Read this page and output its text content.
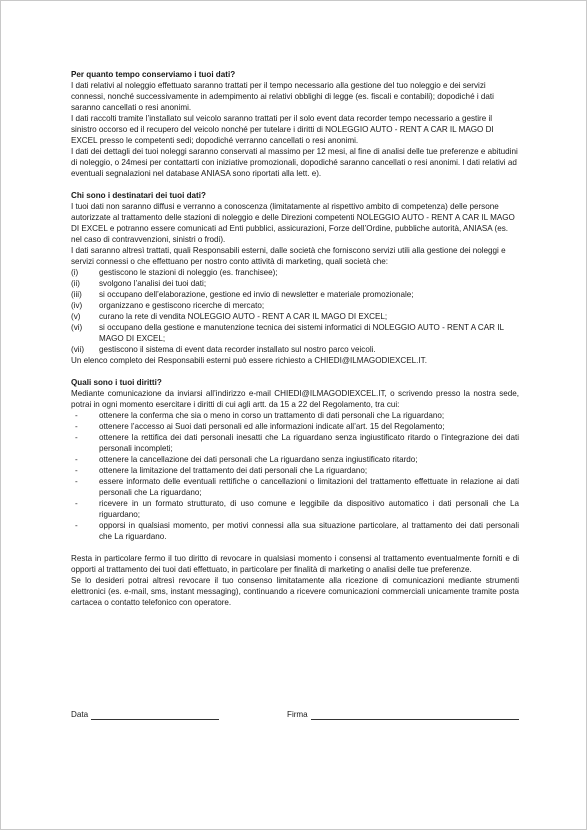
Per quanto tempo conserviamo i tuoi dati?

I dati relativi al noleggio effettuato saranno trattati per il tempo necessario alla gestione del tuo noleggio e dei servizi connessi, nonché successivamente in adempimento ai relativi obblighi di legge (es. fiscali e contabili); dopodiché i dati saranno cancellati o resi anonimi.

I dati raccolti tramite l’installato sul veicolo saranno trattati per il solo event data recorder tempo necessario a gestire il sinistro occorso ed il recupero del veicolo nonché per tutelare i diritti di NOLEGGIO AUTO - RENT A CAR IL MAGO DI EXCEL presso le competenti sedi; dopodiché verranno cancellati o resi anonimi.

I dati dei dettagli dei tuoi noleggi saranno conservati al massimo per 12 mesi, al fine di analisi delle tue preferenze e abitudini di noleggio, o 24mesi per contattarti con iniziative promozionali, dopodiché saranno cancellati o resi anonimi. I dati relativi ad eventuali segnalazioni nel database ANIASA sono riportati alla lett. e).

Chi sono i destinatari dei tuoi dati?

I tuoi dati non saranno diffusi e verranno a conoscenza (limitatamente al rispettivo ambito di competenza) delle persone autorizzate al trattamento delle stazioni di noleggio e delle Direzioni competenti NOLEGGIO AUTO - RENT A CAR IL MAGO DI EXCEL e potranno essere comunicati ad Enti pubblici, assicurazioni, Forze dell’Ordine, pubbliche autorità, ANIASA (es. nel caso di contravvenzioni, sinistri o frodi).

I dati saranno altresì trattati, quali Responsabili esterni, dalle società che forniscono servizi utili alla gestione dei noleggi e servizi connessi o che effettuano per nostro conto attività di marketing, quali società che:

(i)	gestiscono le stazioni di noleggio (es. franchisee);
(ii) svolgono l’analisi dei tuoi dati;
(iii) si occupano dell’elaborazione, gestione ed invio di newsletter e materiale promozionale;
(iv) organizzano e gestiscono ricerche di mercato;
(v) curano la rete di vendita NOLEGGIO AUTO - RENT A CAR IL MAGO DI EXCEL;
(vi) si occupano della gestione e manutenzione tecnica dei sistemi informatici di NOLEGGIO AUTO - RENT A CAR IL MAGO DI EXCEL;
(vii) gestiscono il sistema di event data recorder installato sul nostro parco veicoli.

Un elenco completo dei Responsabili esterni può essere richiesto a CHIEDI@ILMAGODIEXCEL.IT.

Quali sono i tuoi diritti?

Mediante comunicazione da inviarsi all’indirizzo e-mail CHIEDI@ILMAGODIEXCEL.IT, o scrivendo presso la nostra sede, potrai in ogni momento esercitare i diritti di cui agli artt. da 15 a 22 del Regolamento, tra cui:

-	ottenere la conferma che sia o meno in corso un trattamento di dati personali che La riguardano;
-	ottenere l’accesso ai Suoi dati personali ed alle informazioni indicate all’art. 15 del Regolamento;
-	ottenere la rettifica dei dati personali inesatti che La riguardano senza ingiustificato ritardo o l’integrazione dei dati personali incompleti;
-	ottenere la cancellazione dei dati personali che La riguardano senza ingiustificato ritardo;
-	ottenere la limitazione del trattamento dei dati personali che La riguardano;
-	essere informato delle eventuali rettifiche o cancellazioni o limitazioni del trattamento effettuate in relazione ai dati personali che La riguardano;
-	ricevere in un formato strutturato, di uso comune e leggibile da dispositivo automatico i dati personali che La riguardano;
-	opporsi in qualsiasi momento, per motivi connessi alla sua situazione particolare, al trattamento dei dati personali che La riguardano.

Resta in particolare fermo il tuo diritto di revocare in qualsiasi momento i consensi al trattamento eventualmente forniti e di opporti al trattamento dei tuoi dati effettuato, in particolare per finalità di marketing o analisi delle tue preferenze.

Se lo desideri potrai altresì revocare il tuo consenso limitatamente alla ricezione di comunicazioni mediante strumenti elettronici (es. e-mail, sms, instant messaging), continuando a ricevere comunicazioni commerciali unicamente tramite posta cartacea o contatto telefonico con operatore.

Data	Firma
